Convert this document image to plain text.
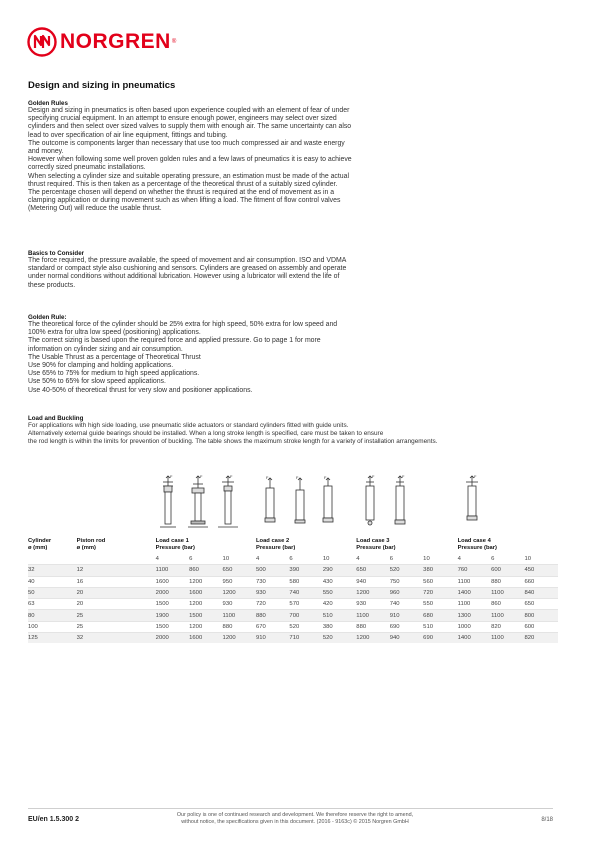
NORGREN ®
Design and sizing in pneumatics
Golden Rules

Design and sizing in pneumatics is often based upon experience coupled with an element of fear of under

specifying crucial equipment. In an attempt to ensure enough power, engineers may select over sized

cylinders and then select over sized valves to supply them with enough air. The same uncertainty can also

lead to over specification of air line equipment, fittings and tubing.

The outcome is components larger than necessary that use too much compressed air and waste energy

and money.

However when following some well proven golden rules and a few laws of pneumatics it is easy to achieve

correctly sized pneumatic installations.

When selecting a cylinder size and suitable operating pressure, an estimation must be made of the actual

thrust required. This is then taken as a percentage of the theoretical thrust of a suitably sized cylinder.

The percentage chosen will depend on whether the thrust is required at the end of movement as in a

clamping application or during movement such as when lifting a load. The fitment of flow control valves

(Metering Out) will reduce the usable thrust.

Basics to Consider

The force required, the pressure available, the speed of movement and air consumption. ISO and VDMA

standard or compact style also cushioning and sensors. Cylinders are greased on assembly and operate

under normal conditions without additional lubrication. However using a lubricator will extend the life of

these products.

Golden Rule:

The theoretical force of the cylinder should be 25% extra for high speed, 50% extra for low speed and

100% extra for ultra low speed (positioning) applications.

The correct sizing is based upon the required force and applied pressure. Go to page 1 for more

information on cylinder sizing and air consumption.

The Usable Thrust as a percentage of Theoretical Thrust

Use 90% for clamping and holding applications.

Use 65% to 75% for medium to high speed applications.

Use 50% to 65% for slow speed applications.

Use 40-50% of theoretical thrust for very slow and positioner applications.

Load and Buckling

For applications with high side loading, use pneumatic slide actuators or standard cylinders fitted with guide units.

Alternatively external guide bearings should be installed. When a long stroke length is specified, care must be taken to ensure

the rod length is within the limits for prevention of buckling. The table shows the maximum stroke length for a variety of installation arrangements.

F	F	F	F	F	F	F	F	F
Cylinder
ø (mm)	Piston rod
ø (mm)	Load case 1
Pressure (bar)			Load case 2
Pressure (bar)			Load case 3
Pressure (bar)			Load case 4
Pressure (bar)		
		4	6	10	4	6	10	4	6	10	4	6	10
32	12	1100	860	650	500	390	290	650	520	380	760	600	450
40	16	1600	1200	950	730	580	430	940	750	560	1100	880	660
50	20	2000	1600	1200	930	740	550	1200	960	720	1400	1100	840
63	20	1500	1200	930	720	570	420	930	740	550	1100	860	650
80	25	1900	1500	1100	880	700	510	1100	910	680	1300	1100	800
100	25	1500	1200	880	670	520	380	880	690	510	1000	820	600
125	32	2000	1600	1200	910	710	520	1200	940	690	1400	1100	820
EU/en 1.5.300 2
Our policy is one of continued research and development. We therefore reserve the right to amend,
without notice, the specifications given in this document. (2016 - 9163c) © 2015 Norgren GmbH	8/18
